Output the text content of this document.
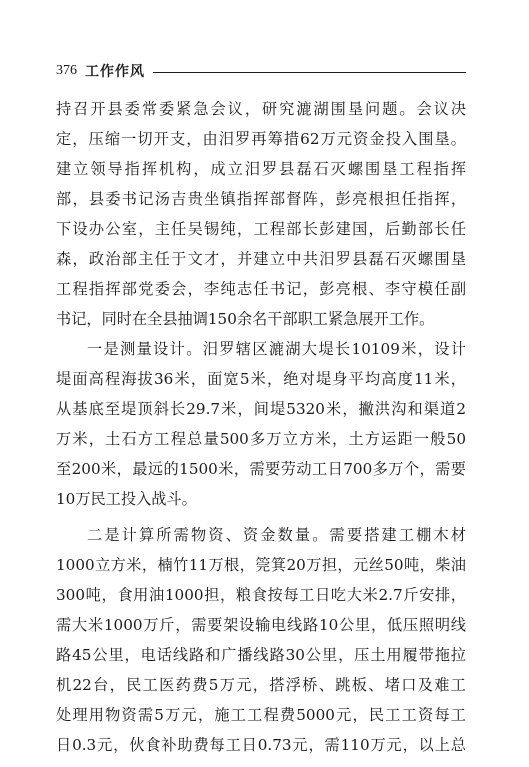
376 工作作风
持召开县委常委紧急会议，研究漉湖围垦问题。会议决
定，压缩一切开支，由汨罗再筹措62万元资金投入围垦。
建立领导指挥机构，成立汨罗县磊石灭螺围垦工程指挥
部，县委书记汤吉贵坐镇指挥部督阵，彭亮根担任指挥，
下设办公室，主任吴锡纯，工程部长彭建国，后勤部长任
森，政治部主任于文才，并建立中共汨罗县磊石灭螺围垦
工程指挥部党委会，李纯志任书记，彭亮根、李守模任副
书记，同时在全县抽调150余名干部职工紧急展开工作。
一是测量设计。汨罗辖区漉湖大堤长10109米，设计
堤面高程海拔36米，面宽5米，绝对堤身平均高度11米，
从基底至堤顶斜长29.7米，间堤5320米，撇洪沟和渠道2
万米，土石方工程总量500多万立方米，土方运距一般50
至200米，最远的1500米，需要劳动工日700多万个，需要
10万民工投入战斗。
二是计算所需物资、资金数量。需要搭建工棚木材
1000立方米，楠竹11万根，筦箕20万担，元丝50吨，柴油
300吨，食用油1000担，粮食按每工日吃大米2.7斤安排，
需大米1000万斤，需要架设输电线路10公里，低压照明线
路45公里，电话线路和广播线路30公里，压土用履带拖拉
机22台，民工医药费5万元，搭浮桥、跳板、堵口及难工
处理用物资需5万元，施工工程费5000元，民工工资每工
日0.3元，伙食补助费每工日0.73元，需110万元，以上总
